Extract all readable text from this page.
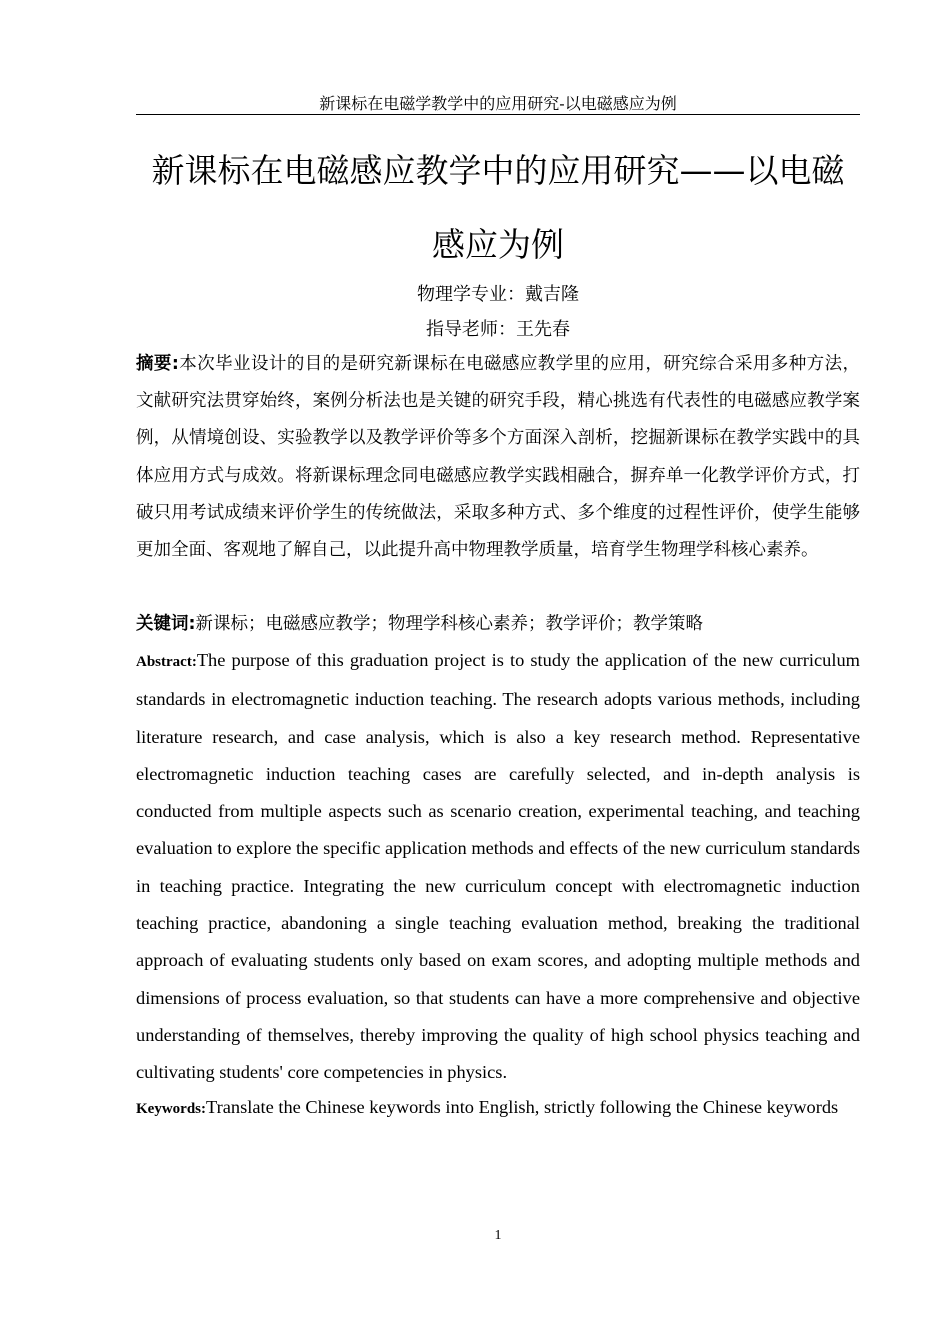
新课标在电磁学教学中的应用研究-以电磁感应为例
新课标在电磁感应教学中的应用研究——以电磁感应为例
物理学专业：戴吉隆
指导老师：王先春

摘要:本次毕业设计的目的是研究新课标在电磁感应教学里的应用，研究综合采用多种方法，文献研究法贯穿始终，案例分析法也是关键的研究手段，精心挑选有代表性的电磁感应教学案例，从情境创设、实验教学以及教学评价等多个方面深入剖析，挖掘新课标在教学实践中的具体应用方式与成效。将新课标理念同电磁感应教学实践相融合，摒弃单一化教学评价方式，打破只用考试成绩来评价学生的传统做法，采取多种方式、多个维度的过程性评价，使学生能够更加全面、客观地了解自己，以此提升高中物理教学质量，培育学生物理学科核心素养。

关键词:新课标；电磁感应教学；物理学科核心素养；教学评价；教学策略

Abstract:The purpose of this graduation project is to study the application of the new curriculum standards in electromagnetic induction teaching. The research adopts various methods, including literature research, and case analysis, which is also a key research method. Representative electromagnetic induction teaching cases are carefully selected, and in-depth analysis is conducted from multiple aspects such as scenario creation, experimental teaching, and teaching evaluation to explore the specific application methods and effects of the new curriculum standards in teaching practice. Integrating the new curriculum concept with electromagnetic induction teaching practice, abandoning a single teaching evaluation method, breaking the traditional approach of evaluating students only based on exam scores, and adopting multiple methods and dimensions of process evaluation, so that students can have a more comprehensive and objective understanding of themselves, thereby improving the quality of high school physics teaching and cultivating students' core competencies in physics.

Keywords:Translate the Chinese keywords into English, strictly following the Chinese keywords

1
